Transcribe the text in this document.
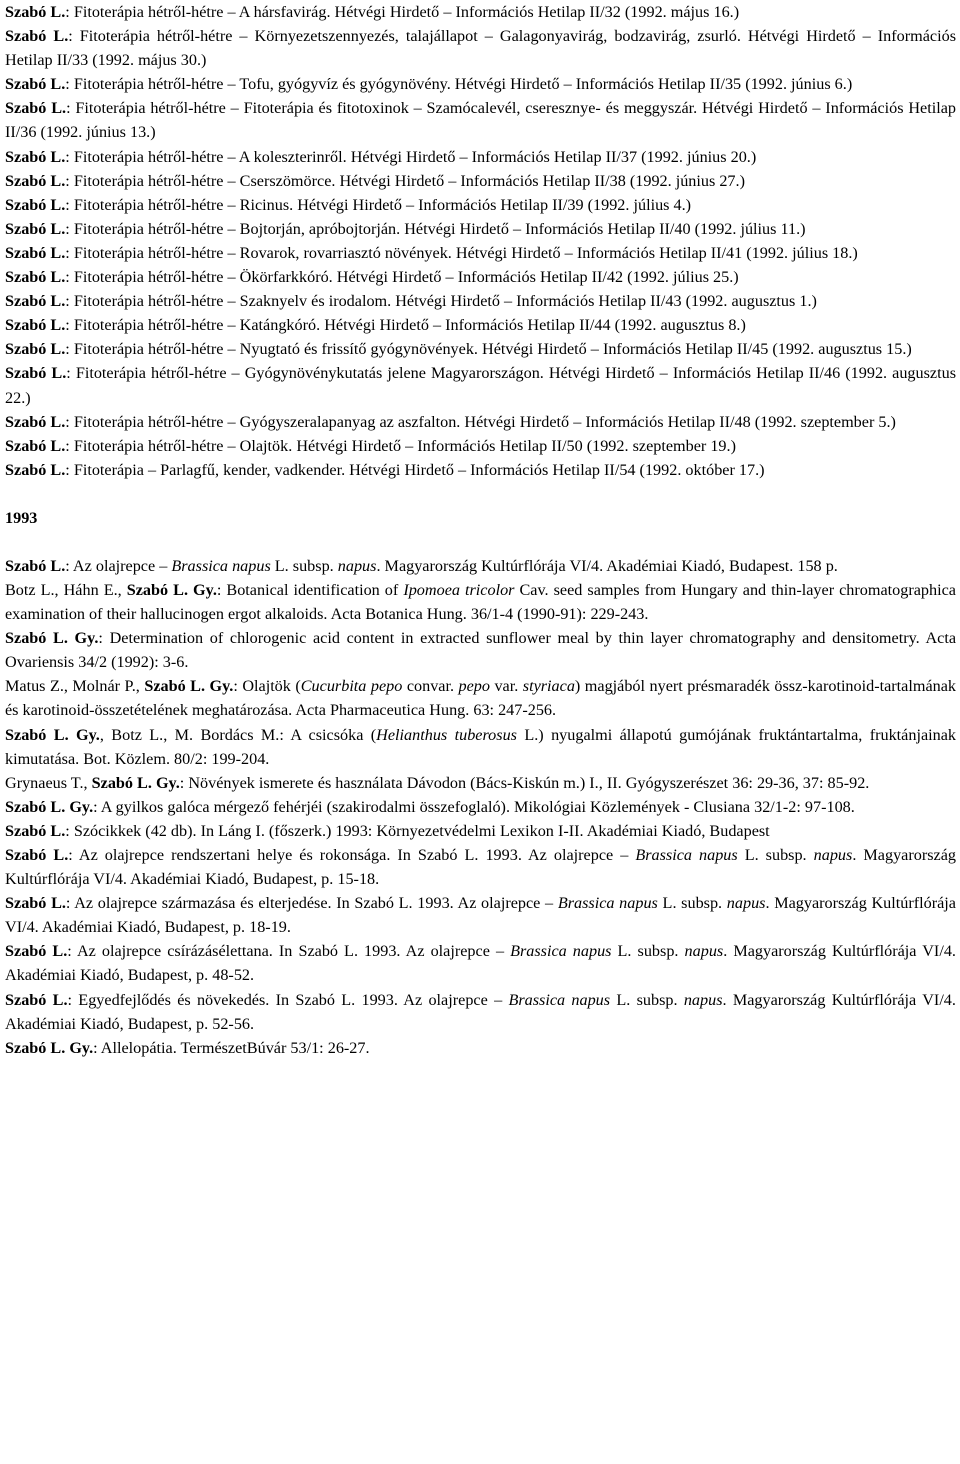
Szabó L.: Fitoterápia hétről-hétre – A hársfavirág. Hétvégi Hirdető – Információs Hetilap II/32 (1992. május 16.)

Szabó L.: Fitoterápia hétről-hétre – Környezetszennyezés, talajállapot – Galagonyavirág, bodzavirág, zsurló. Hétvégi Hirdető – Információs Hetilap II/33 (1992. május 30.)

Szabó L.: Fitoterápia hétről-hétre – Tofu, gyógyvíz és gyógynövény. Hétvégi Hirdető – Információs Hetilap II/35 (1992. június 6.)

Szabó L.: Fitoterápia hétről-hétre – Fitoterápia és fitotoxinok – Szamócalevél, cseresznye- és meggyszár. Hétvégi Hirdető – Információs Hetilap II/36 (1992. június 13.)

Szabó L.: Fitoterápia hétről-hétre – A koleszterinről. Hétvégi Hirdető – Információs Hetilap II/37 (1992. június 20.)

Szabó L.: Fitoterápia hétről-hétre – Cserszömörce. Hétvégi Hirdető – Információs Hetilap II/38 (1992. június 27.)

Szabó L.: Fitoterápia hétről-hétre – Ricinus. Hétvégi Hirdető – Információs Hetilap II/39 (1992. július 4.)

Szabó L.: Fitoterápia hétről-hétre – Bojtorján, apróbojtorján. Hétvégi Hirdető – Információs Hetilap II/40 (1992. július 11.)

Szabó L.: Fitoterápia hétről-hétre – Rovarok, rovarriasztó növények. Hétvégi Hirdető – Információs Hetilap II/41 (1992. július 18.)

Szabó L.: Fitoterápia hétről-hétre – Ökörfarkkóró. Hétvégi Hirdető – Információs Hetilap II/42 (1992. július 25.)

Szabó L.: Fitoterápia hétről-hétre – Szaknyelv és irodalom. Hétvégi Hirdető – Információs Hetilap II/43 (1992. augusztus 1.)

Szabó L.: Fitoterápia hétről-hétre – Katángkóró. Hétvégi Hirdető – Információs Hetilap II/44 (1992. augusztus 8.)

Szabó L.: Fitoterápia hétről-hétre – Nyugtató és frissítő gyógynövények. Hétvégi Hirdető – Információs Hetilap II/45 (1992. augusztus 15.)

Szabó L.: Fitoterápia hétről-hétre – Gyógynövénykutatás jelene Magyarországon. Hétvégi Hirdető – Információs Hetilap II/46 (1992. augusztus 22.)

Szabó L.: Fitoterápia hétről-hétre – Gyógyszeralapanyag az aszfalton. Hétvégi Hirdető – Információs Hetilap II/48 (1992. szeptember 5.)

Szabó L.: Fitoterápia hétről-hétre – Olajtök. Hétvégi Hirdető – Információs Hetilap II/50 (1992. szeptember 19.)

Szabó L.: Fitoterápia – Parlagfű, kender, vadkender. Hétvégi Hirdető – Információs Hetilap II/54 (1992. október 17.)

1993

Szabó L.: Az olajrepce – Brassica napus L. subsp. napus. Magyarország Kultúrflórája VI/4. Akadémiai Kiadó, Budapest. 158 p.

Botz L., Háhn E., Szabó L. Gy.: Botanical identification of Ipomoea tricolor Cav. seed samples from Hungary and thin-layer chromatographica examination of their hallucinogen ergot alkaloids. Acta Botanica Hung. 36/1-4 (1990-91): 229-243.

Szabó L. Gy.: Determination of chlorogenic acid content in extracted sunflower meal by thin layer chromatography and densitometry. Acta Ovariensis 34/2 (1992): 3-6.

Matus Z., Molnár P., Szabó L. Gy.: Olajtök (Cucurbita pepo convar. pepo var. styriaca) magjából nyert présmaradék össz-karotinoid-tartalmának és karotinoid-összetételének meghatározása. Acta Pharmaceutica Hung. 63: 247-256.

Szabó L. Gy., Botz L., M. Bordács M.: A csicsóka (Helianthus tuberosus L.) nyugalmi állapotú gumójának fruktántartalma, fruktánjainak kimutatása. Bot. Közlem. 80/2: 199-204.

Grynaeus T., Szabó L. Gy.: Növények ismerete és használata Dávodon (Bács-Kiskún m.) I., II. Gyógyszerészet 36: 29-36, 37: 85-92.

Szabó L. Gy.: A gyilkos galóca mérgező fehérjéi (szakirodalmi összefoglaló). Mikológiai Közlemények - Clusiana 32/1-2: 97-108.

Szabó L.: Szócikkek (42 db). In Láng I. (főszerk.) 1993: Környezetvédelmi Lexikon I-II. Akadémiai Kiadó, Budapest

Szabó L.: Az olajrepce rendszertani helye és rokonsága. In Szabó L. 1993. Az olajrepce – Brassica napus L. subsp. napus. Magyarország Kultúrflórája VI/4. Akadémiai Kiadó, Budapest, p. 15-18.

Szabó L.: Az olajrepce származása és elterjedése. In Szabó L. 1993. Az olajrepce – Brassica napus L. subsp. napus. Magyarország Kultúrflórája VI/4. Akadémiai Kiadó, Budapest, p. 18-19.

Szabó L.: Az olajrepce csírázásélettana. In Szabó L. 1993. Az olajrepce – Brassica napus L. subsp. napus. Magyarország Kultúrflórája VI/4. Akadémiai Kiadó, Budapest, p. 48-52.

Szabó L.: Egyedfejlődés és növekedés. In Szabó L. 1993. Az olajrepce – Brassica napus L. subsp. napus. Magyarország Kultúrflórája VI/4. Akadémiai Kiadó, Budapest, p. 52-56.

Szabó L. Gy.: Allelopátia. TermészetBúvár 53/1: 26-27.
